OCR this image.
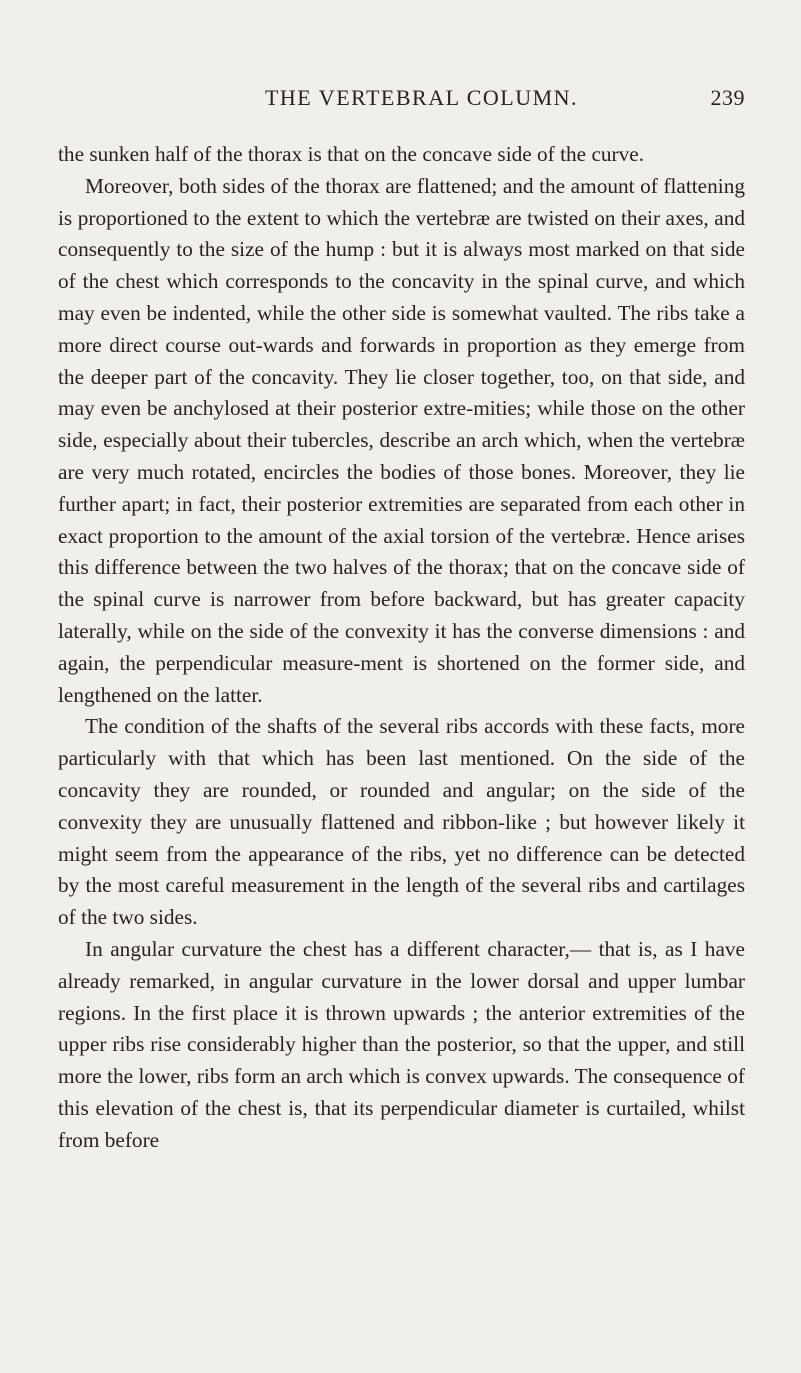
THE VERTEBRAL COLUMN.	239

the sunken half of the thorax is that on the concave side of the curve.

Moreover, both sides of the thorax are flattened; and the amount of flattening is proportioned to the extent to which the vertebræ are twisted on their axes, and consequently to the size of the hump : but it is always most marked on that side of the chest which corresponds to the concavity in the spinal curve, and which may even be indented, while the other side is somewhat vaulted. The ribs take a more direct course out-wards and forwards in proportion as they emerge from the deeper part of the concavity. They lie closer together, too, on that side, and may even be anchylosed at their posterior extre-mities; while those on the other side, especially about their tubercles, describe an arch which, when the vertebræ are very much rotated, encircles the bodies of those bones. Moreover, they lie further apart; in fact, their posterior extremities are separated from each other in exact proportion to the amount of the axial torsion of the vertebræ. Hence arises this difference between the two halves of the thorax; that on the concave side of the spinal curve is narrower from before backward, but has greater capacity laterally, while on the side of the convexity it has the converse dimensions : and again, the perpendicular measure-ment is shortened on the former side, and lengthened on the latter.

The condition of the shafts of the several ribs accords with these facts, more particularly with that which has been last mentioned. On the side of the concavity they are rounded, or rounded and angular; on the side of the convexity they are unusually flattened and ribbon-like ; but however likely it might seem from the appearance of the ribs, yet no difference can be detected by the most careful measurement in the length of the several ribs and cartilages of the two sides.

In angular curvature the chest has a different character,— that is, as I have already remarked, in angular curvature in the lower dorsal and upper lumbar regions. In the first place it is thrown upwards ; the anterior extremities of the upper ribs rise considerably higher than the posterior, so that the upper, and still more the lower, ribs form an arch which is convex upwards. The consequence of this elevation of the chest is, that its perpendicular diameter is curtailed, whilst from before
